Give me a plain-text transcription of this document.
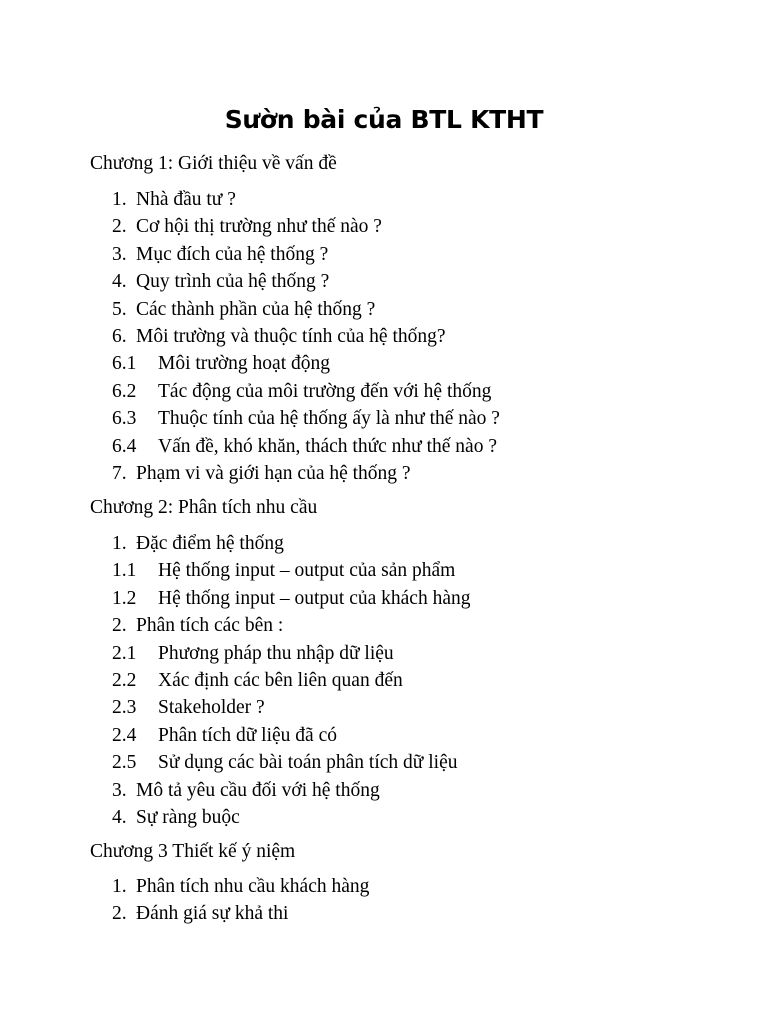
Sườn bài của BTL KTHT
Chương 1: Giới thiệu về vấn đề
1. Nhà đầu tư ?
2. Cơ hội thị trường như thế nào ?
3. Mục đích của hệ thống ?
4. Quy trình của hệ thống ?
5. Các thành phần của hệ thống ?
6. Môi trường và thuộc tính của hệ thống?
6.1 Môi trường hoạt động
6.2 Tác động của môi trường đến với hệ thống
6.3 Thuộc tính của hệ thống ấy là như thế nào ?
6.4 Vấn đề, khó khăn, thách thức như thế nào ?
7. Phạm vi và giới hạn của hệ thống ?
Chương 2: Phân tích nhu cầu
1. Đặc điểm hệ thống
1.1 Hệ thống input – output của sản phẩm
1.2 Hệ thống input – output của khách hàng
2. Phân tích các bên :
2.1 Phương pháp thu nhập dữ liệu
2.2 Xác định các bên liên quan đến
2.3 Stakeholder ?
2.4 Phân tích dữ liệu đã có
2.5 Sử dụng các bài toán phân tích dữ liệu
3. Mô tả yêu cầu đối với hệ thống
4. Sự ràng buộc
Chương 3 Thiết kế ý niệm
1. Phân tích nhu cầu khách hàng
2. Đánh giá sự khả thi
